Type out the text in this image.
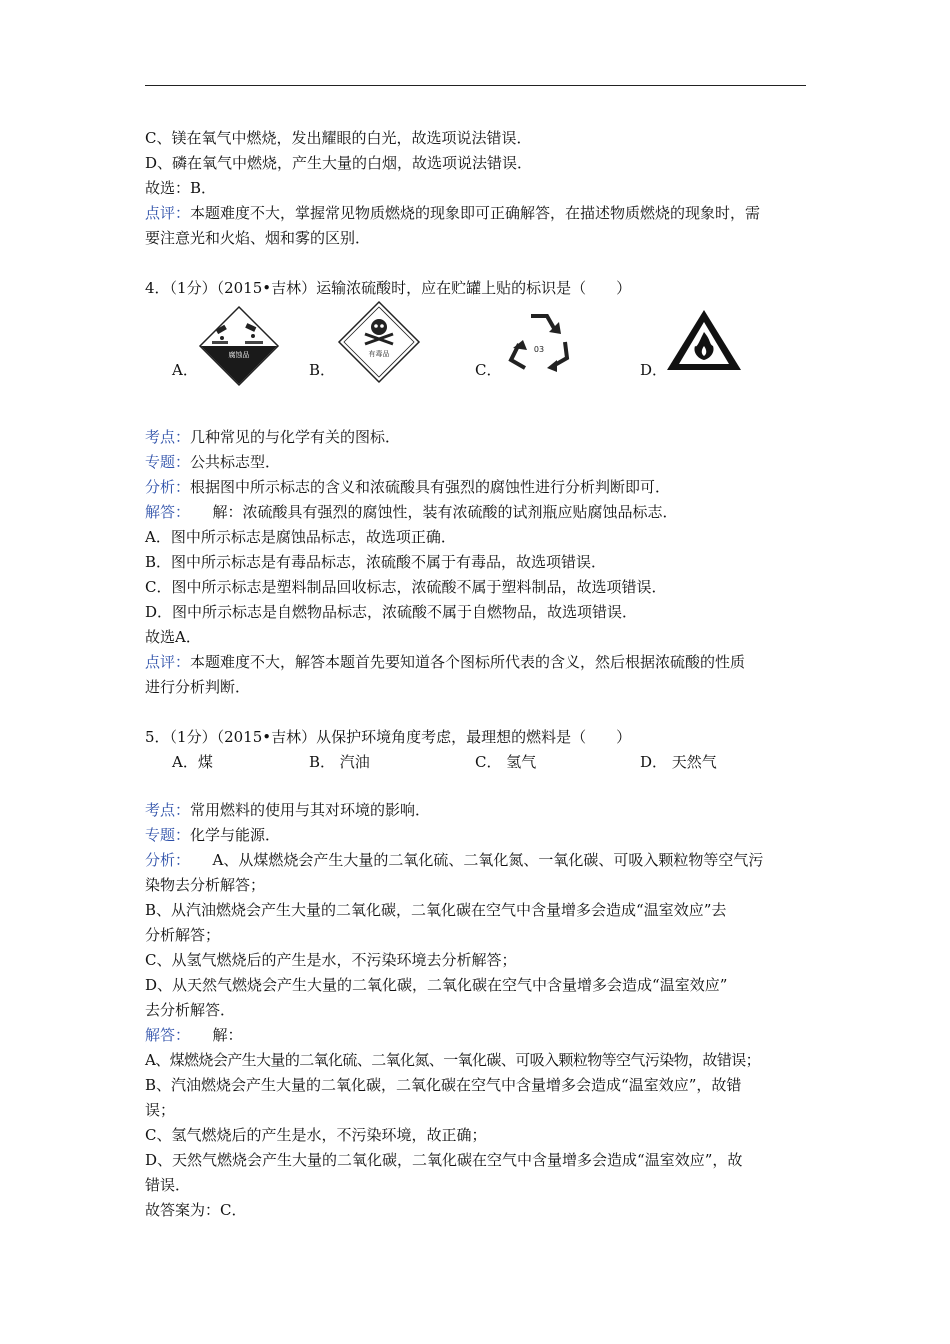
C、镁在氧气中燃烧，发出耀眼的白光，故选项说法错误．
D、磷在氧气中燃烧，产生大量的白烟，故选项说法错误．
故选：B．
点评：本题难度不大，掌握常见物质燃烧的现象即可正确解答，在描述物质燃烧的现象时，需
要注意光和火焰、烟和雾的区别．
4．（1分）（2015•吉林）运输浓硫酸时，应在贮罐上贴的标识是（　　）
腐蚀品	有毒品	03
A．	B．	C．	D．
考点：几种常见的与化学有关的图标．
专题：公共标志型．
分析：根据图中所示标志的含义和浓硫酸具有强烈的腐蚀性进行分析判断即可．
解答：　　解：浓硫酸具有强烈的腐蚀性，装有浓硫酸的试剂瓶应贴腐蚀品标志．
A．图中所示标志是腐蚀品标志，故选项正确．
B．图中所示标志是有毒品标志，浓硫酸不属于有毒品，故选项错误．
C．图中所示标志是塑料制品回收标志，浓硫酸不属于塑料制品，故选项错误．
D．图中所示标志是自燃物品标志，浓硫酸不属于自燃物品，故选项错误．
故选A．
点评：本题难度不大，解答本题首先要知道各个图标所代表的含义，然后根据浓硫酸的性质
进行分析判断．
5．（1分）（2015•吉林）从保护环境角度考虑，最理想的燃料是（　　）
A．煤	B． 汽油	C． 氢气	D． 天然气
考点：常用燃料的使用与其对环境的影响．
专题：化学与能源．
分析：　　A、从煤燃烧会产生大量的二氧化硫、二氧化氮、一氧化碳、可吸入颗粒物等空气污
染物去分析解答；
B、从汽油燃烧会产生大量的二氧化碳，二氧化碳在空气中含量增多会造成“温室效应”去
分析解答；
C、从氢气燃烧后的产生是水，不污染环境去分析解答；
D、从天然气燃烧会产生大量的二氧化碳，二氧化碳在空气中含量增多会造成“温室效应”
去分析解答．
解答：　　解：
A、煤燃烧会产生大量的二氧化硫、二氧化氮、一氧化碳、可吸入颗粒物等空气污染物，故错误；
B、汽油燃烧会产生大量的二氧化碳，二氧化碳在空气中含量增多会造成“温室效应”，故错
误；
C、氢气燃烧后的产生是水，不污染环境，故正确；
D、天然气燃烧会产生大量的二氧化碳，二氧化碳在空气中含量增多会造成“温室效应”，故
错误．
故答案为：C．
